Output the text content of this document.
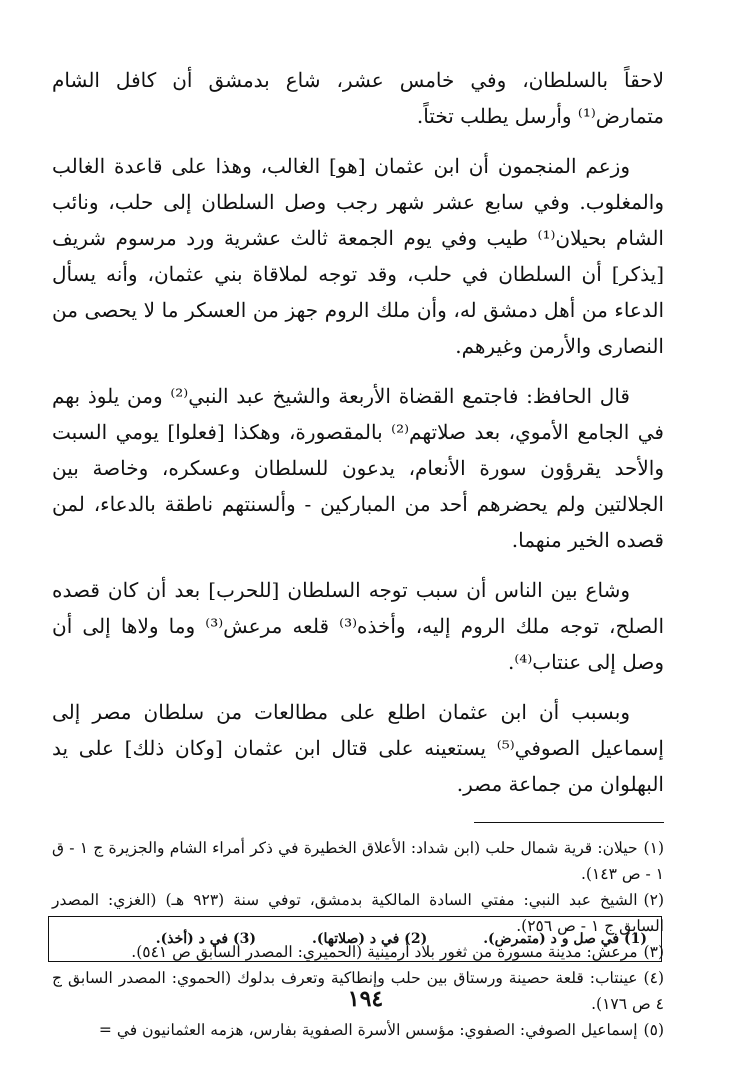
لاحقاً بالسلطان، وفي خامس عشر، شاع بدمشق أن كافل الشام متمارض⁽¹⁾ وأرسل يطلب تختاً.

وزعم المنجمون أن ابن عثمان [هو] الغالب، وهذا على قاعدة الغالب والمغلوب. وفي سابع عشر شهر رجب وصل السلطان إلى حلب، ونائب الشام بحيلان⁽¹⁾ طيب وفي يوم الجمعة ثالث عشرية ورد مرسوم شريف [يذكر] أن السلطان في حلب، وقد توجه لملاقاة بني عثمان، وأنه يسأل الدعاء من أهل دمشق له، وأن ملك الروم جهز من العسكر ما لا يحصى من النصارى والأرمن وغيرهم.

قال الحافظ: فاجتمع القضاة الأربعة والشيخ عبد النبي⁽²⁾ ومن يلوذ بهم في الجامع الأموي، بعد صلاتهم⁽²⁾ بالمقصورة، وهكذا [فعلوا] يومي السبت والأحد يقرؤون سورة الأنعام، يدعون للسلطان وعسكره، وخاصة بين الجلالتين ولم يحضرهم أحد من المباركين - وألسنتهم ناطقة بالدعاء، لمن قصده الخير منهما.

وشاع بين الناس أن سبب توجه السلطان [للحرب] بعد أن كان قصده الصلح، توجه ملك الروم إليه، وأخذه⁽³⁾ قلعه مرعش⁽³⁾ وما ولاها إلى أن وصل إلى عنتاب⁽⁴⁾.

وبسبب أن ابن عثمان اطلع على مطالعات من سلطان مصر إلى إسماعيل الصوفي⁽⁵⁾ يستعينه على قتال ابن عثمان [وكان ذلك] على يد البهلوان من جماعة مصر.

(١)حيلان: قرية شمال حلب (ابن شداد: الأعلاق الخطيرة في ذكر أمراء الشام والجزيرة ج ١ - ق ١ - ص ١٤٣).

(٢)الشيخ عبد النبي: مفتي السادة المالكية بدمشق، توفي سنة (٩٢٣ هـ) (الغزي: المصدر السابق ج ١ - ص ٢٥٦).

(٣)مرعش: مدينة مسورة من ثغور بلاد أرمينية (الحميري: المصدر السابق ص ٥٤١).

(٤)عينتاب: قلعة حصينة ورستاق بين حلب وإنطاكية وتعرف بدلوك (الحموي: المصدر السابق ج ٤ ص ١٧٦).

(٥)إسماعيل الصوفي: الصفوي: مؤسس الأسرة الصفوية بفارس، هزمه العثمانيون في =

(1) في صل و د (متمرض).
(2) في د (صلاتها).
(3) في د (أخذ).
١٩٤
